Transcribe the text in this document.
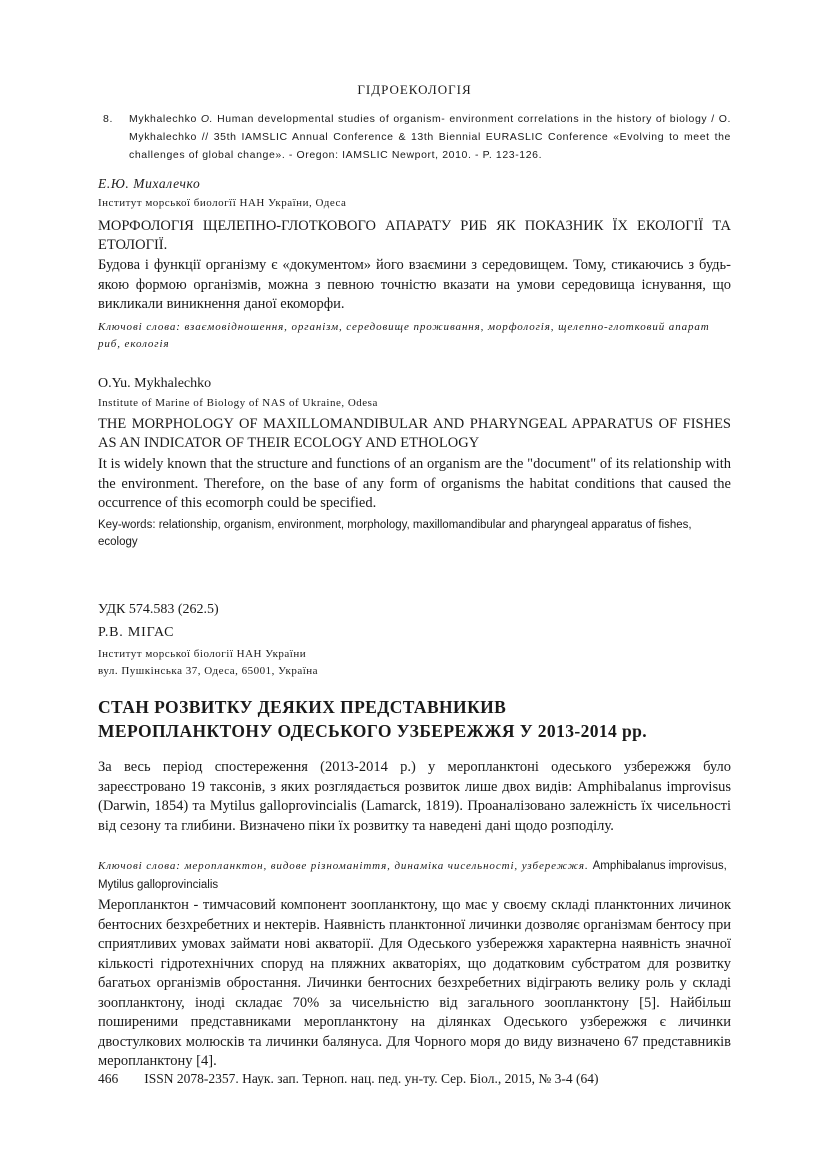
ГІДРОЕКОЛОГІЯ
8. Mykhalechko O. Human developmental studies of organism- environment correlations in the history of biology / O. Mykhalechko // 35th IAMSLIC Annual Conference & 13th Biennial EURASLIC Conference «Evolving to meet the challenges of global change». - Oregon: IAMSLIC Newport, 2010. - P. 123-126.
Е.Ю. Михалечко
Інститут морської биологїї НАН України, Одеса
МОРФОЛОГІЯ ЩЕЛЕПНО-ГЛОТКОВОГО АПАРАТУ РИБ ЯК ПОКАЗНИК ЇХ ЕКОЛОГІЇ ТА ЕТОЛОГІЇ.
Будова і функції організму є «документом» його взаємини з середовищем. Тому, стикаючись з будь-якою формою організмів, можна з певною точністю вказати на умови середовища існування, що викликали виникнення даної екоморфи.
Ключові слова: взаємовідношення, організм, середовище проживання, морфологія, щелепно-глотковий апарат риб, екологія
O.Yu. Mykhalechko
Institute of Marine of Biology of NAS of Ukraine, Odesa
THE MORPHOLOGY OF MAXILLOMANDIBULAR AND PHARYNGEAL APPARATUS OF FISHES AS AN INDICATOR OF THEIR ECOLOGY AND ETHOLOGY
It is widely known that the structure and functions of an organism are the "document" of its relationship with the environment. Therefore, on the base of any form of organisms the habitat conditions that caused the occurrence of this ecomorph could be specified.
Key-words: relationship, organism, environment, morphology, maxillomandibular and pharyngeal apparatus of fishes, ecology
УДК 574.583 (262.5)
Р.В. МІГАС
Інститут морської біології НАН України
вул. Пушкінська 37, Одеса, 65001, Україна
СТАН РОЗВИТКУ ДЕЯКИХ ПРЕДСТАВНИКИВ
МЕРОПЛАНКТОНУ ОДЕСЬКОГО УЗБЕРЕЖЖЯ У 2013-2014 рр.
За весь період спостереження (2013-2014 р.) у меропланктоні одеського узбережжя було зареєстровано 19 таксонів, з яких розглядається розвиток лише двох видів: Amphibalanus improvisus (Darwin, 1854) та Mytilus galloprovincialis (Lamarck, 1819). Проаналізовано залежність їх чисельності від сезону та глибини. Визначено піки їх розвитку та наведені дані щодо розподілу.
Ключові слова: меропланктон, видове різноманіття, динаміка чисельності, узбережжя. Amphibalanus improvisus, Mytilus galloprovincialis
Меропланктон - тимчасовий компонент зоопланктону, що має у своєму складі планктонних личинок бентосних безхребетних и нектерів. Наявність планктонної личинки дозволяє організмам бентосу при сприятливих умовах займати нові акваторії. Для Одеського узбережжя характерна наявність значної кількості гідротехнічних споруд на пляжних акваторіях, що додатковим субстратом для розвитку багатьох організмів обростання. Личинки бентосних безхребетних відіграють велику роль у складі зоопланктону, іноді складає 70% за чисельністю від загального зоопланктону [5]. Найбільш поширеними представниками меропланктону на ділянках Одеського узбережжя є личинки двостулкових молюсків та личинки балянуса. Для Чорного моря до виду визначено 67 представників меропланктону [4].
466 ISSN 2078-2357. Наук. зап. Терноп. нац. пед. ун-ту. Сер. Біол., 2015, № 3-4 (64)
